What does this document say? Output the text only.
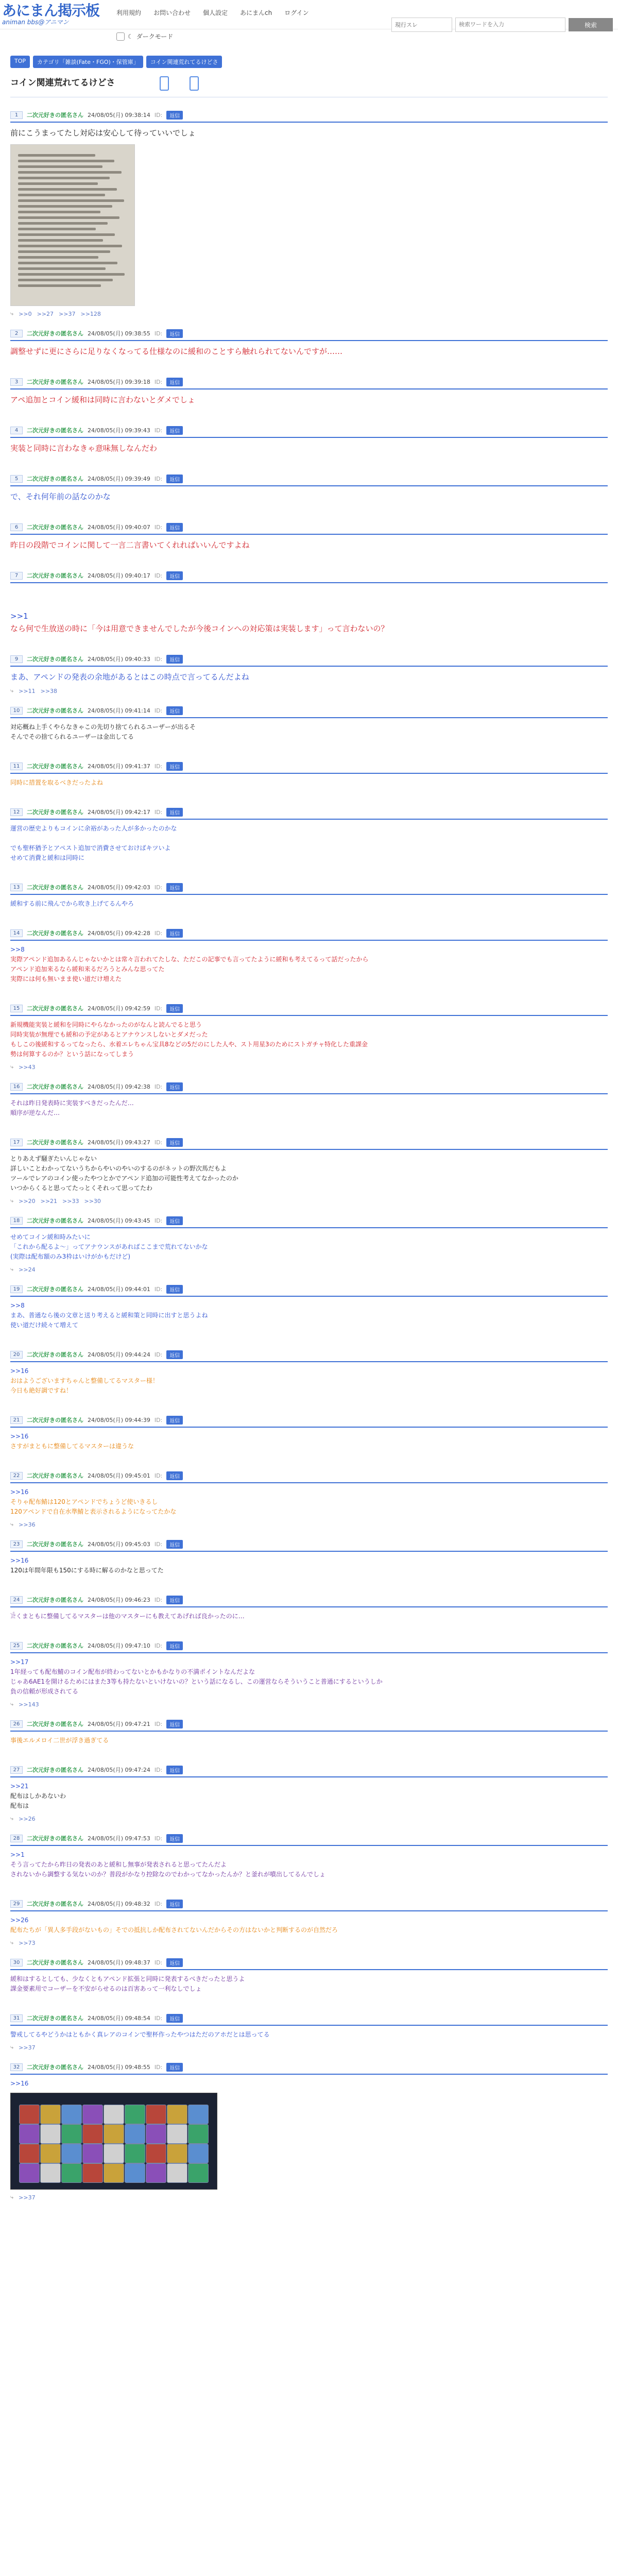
あにまん掲示板
animan bbs@アニマン
利用規約 お問い合わせ 個人設定 あにまんch ログイン
現行スレ
検索ワードを入力	検索
☾ ダークモード
TOP	カテゴリ「雑談(Fate・FGO)・保管庫」	コイン関連荒れてるけどさ
コイン関連荒れてるけどさ
1	二次元好きの匿名さん 24/08/05(月) 09:38:14 ID:	返信
前にこうまってたし対応は安心して待っていいでしょ
⤷ >>0 >>27 >>37 >>128
2	二次元好きの匿名さん 24/08/05(月) 09:38:55 ID:	返信
調整せずに更にさらに足りなくなってる仕様なのに緩和のことすら触れられてないんですが……
3	二次元好きの匿名さん 24/08/05(月) 09:39:18 ID:	返信
アペ追加とコイン緩和は同時に言わないとダメでしょ
4	二次元好きの匿名さん 24/08/05(月) 09:39:43 ID:	返信
実装と同時に言わなきゃ意味無しなんだわ
5	二次元好きの匿名さん 24/08/05(月) 09:39:49 ID:	返信
で、それ何年前の話なのかな
6	二次元好きの匿名さん 24/08/05(月) 09:40:07 ID:	返信
昨日の段階でコインに関して一言二言書いてくれればいいんですよね
7	二次元好きの匿名さん 24/08/05(月) 09:40:17 ID:	返信
>>1
なら何で生放送の時に「今は用意できませんでしたが今後コインへの対応策は実装します」って言わないの？
9	二次元好きの匿名さん 24/08/05(月) 09:40:33 ID:	返信
まあ、アペンドの発表の余地があるとはこの時点で言ってるんだよね
⤷ >>11 >>38
10	二次元好きの匿名さん 24/08/05(月) 09:41:14 ID:	返信
対応概ね上手くやらなきゃこの先切り捨てられるユーザーが出るそ
そんでその捨てられるユーザーは金出してる
11	二次元好きの匿名さん 24/08/05(月) 09:41:37 ID:	返信
同時に措置を取るべきだったよね
12	二次元好きの匿名さん 24/08/05(月) 09:42:17 ID:	返信
運営の歴史よりもコインに余裕があった人が多かったのかな

でも聖杯猶予とアペスト追加で消費させておけばキツいよ
せめて消費と緩和は同時に
13	二次元好きの匿名さん 24/08/05(月) 09:42:03 ID:	返信
緩和する前に飛んでから吹き上げてるんやろ
14	二次元好きの匿名さん 24/08/05(月) 09:42:28 ID:	返信
>>8
実際アペンド追加あるんじゃないかとは常々言われてたしな、ただこの記事でも言ってたように緩和も考えてるって話だったから
アペンド追加来るなら緩和来るだろうとみんな思ってた
実際には何も無いまま使い道だけ増えた
15	二次元好きの匿名さん 24/08/05(月) 09:42:59 ID:	返信
新規機能実装と緩和を同時にやらなかったのがなんと読んでると思う
同時実装が無理でも緩和の予定があるとアナウンスしないとダメだった
もしこの後緩和するってなったら、水着エレちゃん宝具8などの5だのにした人や、スト用星3のためにストガチャ特化した重課金
勢は何算するのか？という話になってしまう
⤷ >>43
16	二次元好きの匿名さん 24/08/05(月) 09:42:38 ID:	返信
それは昨日発表時に実装すべきだったんだ…
順序が逆なんだ…
17	二次元好きの匿名さん 24/08/05(月) 09:43:27 ID:	返信
とりあえず騒ぎたいんじゃない
詳しいことわかってないうちからやいのやいのするのがネットの野次馬だもよ
ツールでレアのコイン使ったやつとかでアペンド追加の可能性考えてなかったのか
いつからくると思ってたっとくそれって思ってたわ
⤷ >>20 >>21 >>33 >>30
18	二次元好きの匿名さん 24/08/05(月) 09:43:45 ID:	返信
せめてコイン緩和時みたいに
「これから配るよ〜」ってアナウンスがあればここまで荒れてないかな
(実際は配布額のみ3枠はいけがかもだけど)
⤷ >>24
19	二次元好きの匿名さん 24/08/05(月) 09:44:01 ID:	返信
>>8
まあ、普通なら後の文章と送り考えると緩和策と同時に出すと思うよね
使い道だけ続々て増えて
20	二次元好きの匿名さん 24/08/05(月) 09:44:24 ID:	返信
>>16
おはようございますちゃんと整備してるマスター様！
今日も絶好調ですね！
21	二次元好きの匿名さん 24/08/05(月) 09:44:39 ID:	返信
>>16
さすがまともに整備してるマスターは違うな
22	二次元好きの匿名さん 24/08/05(月) 09:45:01 ID:	返信
>>16
そりゃ配布鯖は120とアペンドでちょうど使いきるし
120アペンドで自在水準鯖と表示されるようになってたかな
⤷ >>36
23	二次元好きの匿名さん 24/08/05(月) 09:45:03 ID:	返信
>>16
120は年間年限も150にする時に解るのかなと思ってた
24	二次元好きの匿名さん 24/08/05(月) 09:46:23 ID:	返信
𓀀くまともに整備してるマスターは他のマスターにも教えてあげれば良かったのに…
25	二次元好きの匿名さん 24/08/05(月) 09:47:10 ID:	返信
>>17
1年経っても配布鯖のコイン配布が終わってないとかもかなりの不満ポイントなんだよな
じゃあ6AE1を開けるためにはまた3等も持たないといけないの？という話になるし、この運営ならそういうこと普通にするというしか
負の信頼が形成されてる
⤷ >>143
26	二次元好きの匿名さん 24/08/05(月) 09:47:21 ID:	返信
事後エルメロイ二世が浮き過ぎてる
27	二次元好きの匿名さん 24/08/05(月) 09:47:24 ID:	返信
>>21
配布はしかあないわ
配布は
⤷ >>26
28	二次元好きの匿名さん 24/08/05(月) 09:47:53 ID:	返信
>>1
そう言ってたから昨日の発表のあと緩和し無事が発表されると思ってたんだよ
されないから調整する気ないのか？普段がかなり控除なのでわかってなかったんか？と釜れが噴出してるんでしょ
29	二次元好きの匿名さん 24/08/05(月) 09:48:32 ID:	返信
>>26
配布たちが「異人多手段がないもの」そでの抵抗しか配布されてないんだからその方はないかと判断するのが自然だろ
⤷ >>73
30	二次元好きの匿名さん 24/08/05(月) 09:48:37 ID:	返信
緩和はするとしても、少なくともアペンド拡張と同時に発表するべきだったと思うよ
課金要素用でコーザーを不安がらせるのは百害あって一利なしでしょ
31	二次元好きの匿名さん 24/08/05(月) 09:48:54 ID:	返信
警戒してるやどうかはともかく真レアのコインで聖杯作ったやつはただのアホだとは思ってる
⤷ >>37
32	二次元好きの匿名さん 24/08/05(月) 09:48:55 ID:	返信
>>16
⤷ >>37
